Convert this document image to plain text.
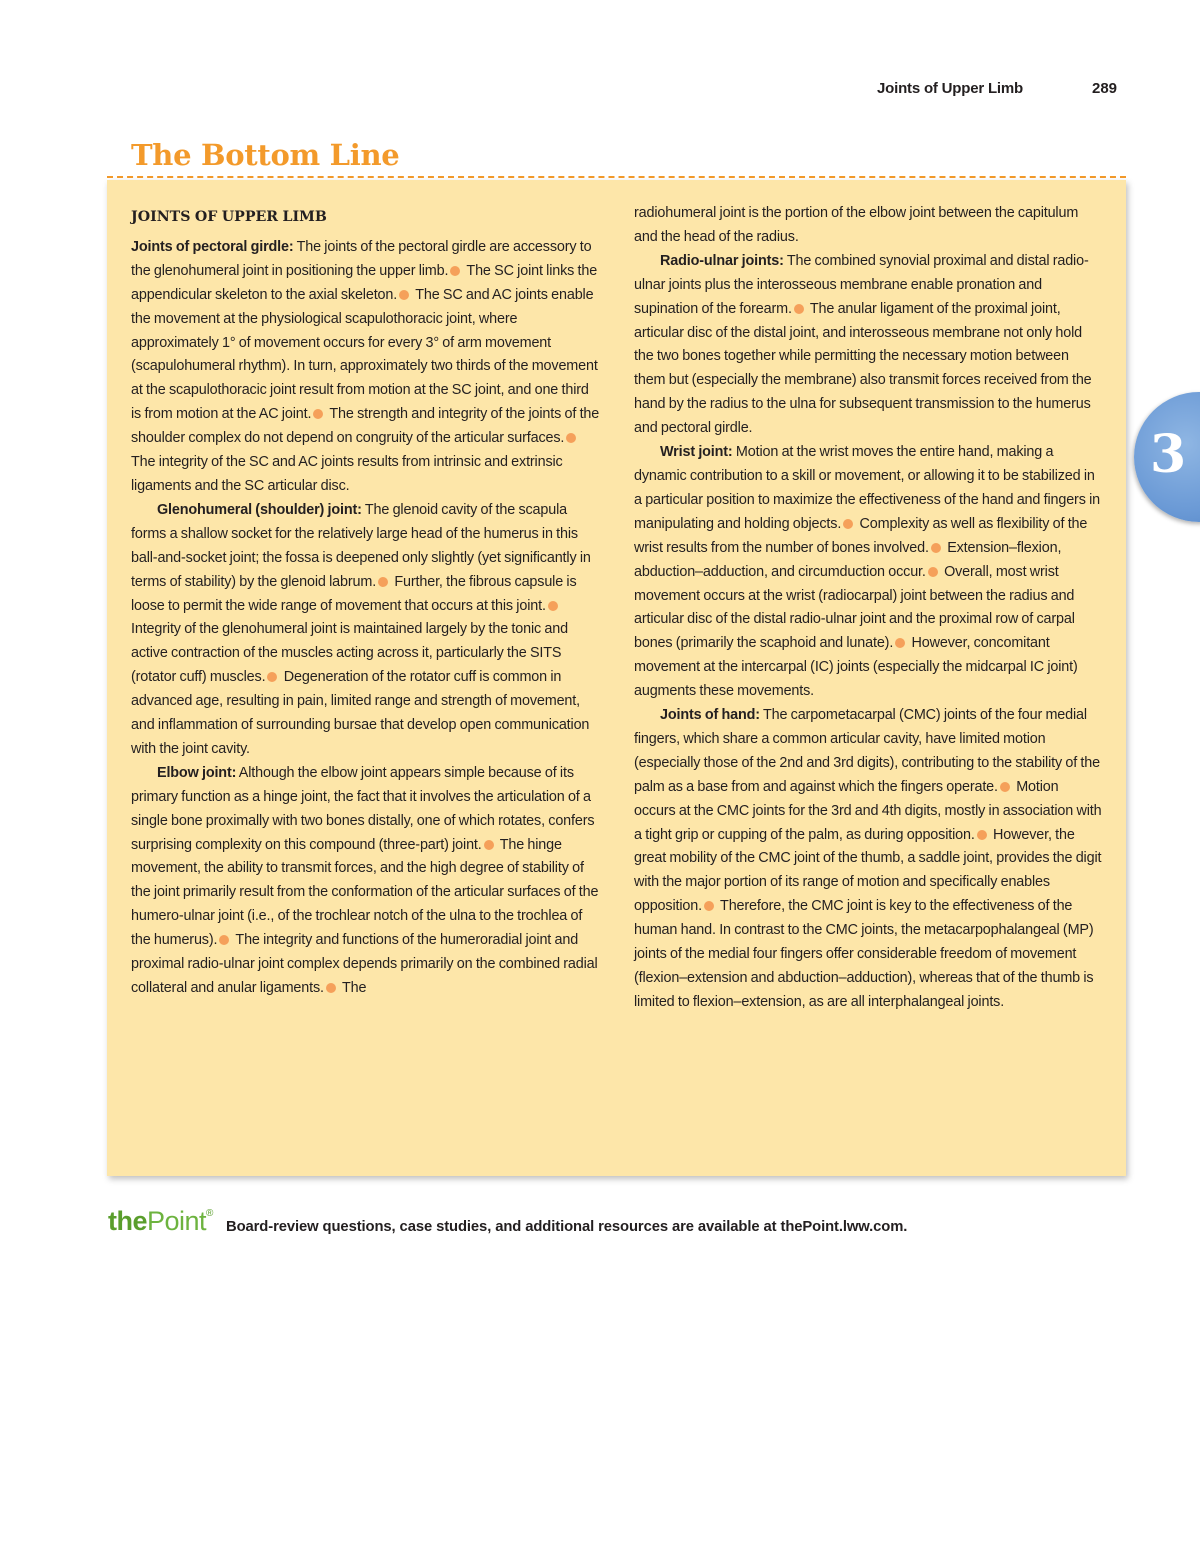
Joints of Upper Limb	289
The Bottom Line

JOINTS OF UPPER LIMB

Joints of pectoral girdle: The joints of the pectoral girdle are accessory to the glenohumeral joint in positioning the upper limb. The SC joint links the appendicular skeleton to the axial skeleton. The SC and AC joints enable the movement at the physiological scapulothoracic joint, where approximately 1° of movement occurs for every 3° of arm movement (scapulohumeral rhythm). In turn, approximately two thirds of the movement at the scapulothoracic joint result from motion at the SC joint, and one third is from motion at the AC joint. The strength and integrity of the joints of the shoulder complex do not depend on congruity of the articular surfaces. The integrity of the SC and AC joints results from intrinsic and extrinsic ligaments and the SC articular disc.

Glenohumeral (shoulder) joint: The glenoid cavity of the scapula forms a shallow socket for the relatively large head of the humerus in this ball-and-socket joint; the fossa is deepened only slightly (yet significantly in terms of stability) by the glenoid labrum. Further, the fibrous capsule is loose to permit the wide range of movement that occurs at this joint. Integrity of the glenohumeral joint is maintained largely by the tonic and active contraction of the muscles acting across it, particularly the SITS (rotator cuff) muscles. Degeneration of the rotator cuff is common in advanced age, resulting in pain, limited range and strength of movement, and inflammation of surrounding bursae that develop open communication with the joint cavity.

Elbow joint: Although the elbow joint appears simple because of its primary function as a hinge joint, the fact that it involves the articulation of a single bone proximally with two bones distally, one of which rotates, confers surprising complexity on this compound (three-part) joint. The hinge movement, the ability to transmit forces, and the high degree of stability of the joint primarily result from the conformation of the articular surfaces of the humero-ulnar joint (i.e., of the trochlear notch of the ulna to the trochlea of the humerus). The integrity and functions of the humeroradial joint and proximal radio-ulnar joint complex depends primarily on the combined radial collateral and anular ligaments. The

radiohumeral joint is the portion of the elbow joint between the capitulum and the head of the radius.

Radio-ulnar joints: The combined synovial proximal and distal radio-ulnar joints plus the interosseous membrane enable pronation and supination of the forearm. The anular ligament of the proximal joint, articular disc of the distal joint, and interosseous membrane not only hold the two bones together while permitting the necessary motion between them but (especially the membrane) also transmit forces received from the hand by the radius to the ulna for subsequent transmission to the humerus and pectoral girdle.

Wrist joint: Motion at the wrist moves the entire hand, making a dynamic contribution to a skill or movement, or allowing it to be stabilized in a particular position to maximize the effectiveness of the hand and fingers in manipulating and holding objects. Complexity as well as flexibility of the wrist results from the number of bones involved. Extension–flexion, abduction–adduction, and circumduction occur. Overall, most wrist movement occurs at the wrist (radiocarpal) joint between the radius and articular disc of the distal radio-ulnar joint and the proximal row of carpal bones (primarily the scaphoid and lunate). However, concomitant movement at the intercarpal (IC) joints (especially the midcarpal IC joint) augments these movements.

Joints of hand: The carpometacarpal (CMC) joints of the four medial fingers, which share a common articular cavity, have limited motion (especially those of the 2nd and 3rd digits), contributing to the stability of the palm as a base from and against which the fingers operate. Motion occurs at the CMC joints for the 3rd and 4th digits, mostly in association with a tight grip or cupping of the palm, as during opposition. However, the great mobility of the CMC joint of the thumb, a saddle joint, provides the digit with the major portion of its range of motion and specifically enables opposition. Therefore, the CMC joint is key to the effectiveness of the human hand. In contrast to the CMC joints, the metacarpophalangeal (MP) joints of the medial four fingers offer considerable freedom of movement (flexion–extension and abduction–adduction), whereas that of the thumb is limited to flexion–extension, as are all interphalangeal joints.

3
thePoint®
Board-review questions, case studies, and additional resources are available at thePoint.lww.com.
